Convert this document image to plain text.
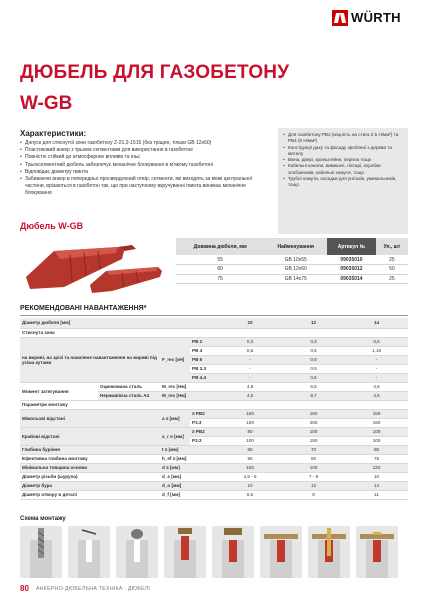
WÜRTH
ДЮБЕЛЬ ДЛЯ ГАЗОБЕТОНУ
W-GB
Характеристики:
• Допуск для стиснутої зони газобетону Z-21.2-1515 (без тріщин, тільки GB 12x60)
• Пластиковий анкер з трьома сегментами для використання в газобетоні
• Повністю стійкий до атмосферних впливів та іньє
• Трьохсегментний дюбель забезпечує механічне блокування в м'якому газобетоні
• Відповідає діаметру гвинта
• Забиваючи анкер в попередньо просвердлений отвір, сегменти, які виходять за межі центральної частини, врізаються в газобетон так, що при наступному вкручуванні гвинта виникає механічне блокування
• Для газобетону PB2 (міцність на стиск 2,5 Н/мм²) та PB4 (5 Н/мм²)
• Конструкції даху та фасаду зроблені з дерева та металу
• Вікна, двері, кронштейни, перила тощо
• Кабельні канали, вимикачі, ліхтарі, коробки злобзжчиків, кабельні хомути, тощо
• Трубні хомути, носадки для унітазів, умивальників, тощо
Дюбель W-GB
Довжина дюбеля, мм	Найменування	Артикул №	Уп., шт
55	GB 10x55	09035010	25
60	GB 12x60	09035012	50
75	GB 14x75	09035014	25
РЕКОМЕНДОВАНІ НАВАНТАЖЕННЯ*
Діаметр дюбеля [мм]				10	12	14
Стиснута зона						
на вириві, на зрізі та нахилене навантаження на вириві під усіма кутами		F_rec [кН]	PB 2	0,3	0,3	0,5
			PB 4	0,6	0,5	1,15
			PB 6	-	0,8	-
			PB 3.3	-	0,5	-
			PB 4.4	-	0,5	-
Момент затягування	Оцинкована сталь	M_rec [Нм]		4,8	6,6	4,8
	Нержавіюча сталь А4	M_rec [Нм]		4,5	9,7	4,5
Параметри монтажу						
Міжосьові відстані		a ≥ [мм]	≥ PB2	100	150	150
			P3.3	100	200	150
Крайові відстані		a_r ≥ [мм]	≥ PB2	80	100	100
			P3.3	100	150	100
Глибина буріння		t ≥ [мм]		65	70	85
Ефективна глибина монтажу		h_ef ≥ [мм]		55	60	75
Мінімальна товщина основи		d ≥ [мм]		100	100	120
Діаметр різьби (шурупа)		d_s [мм]		4,5 - 6	7 - 8	10
Діаметр бура		d_o [мм]		10	12	14
Діаметр отвору в деталі		d_f [мм]		6,5	8	11
Схема монтажу
80 АНКЕРНО-ДЮБЕЛЬНА ТЕХНІКА : ДЮБЕЛІ
